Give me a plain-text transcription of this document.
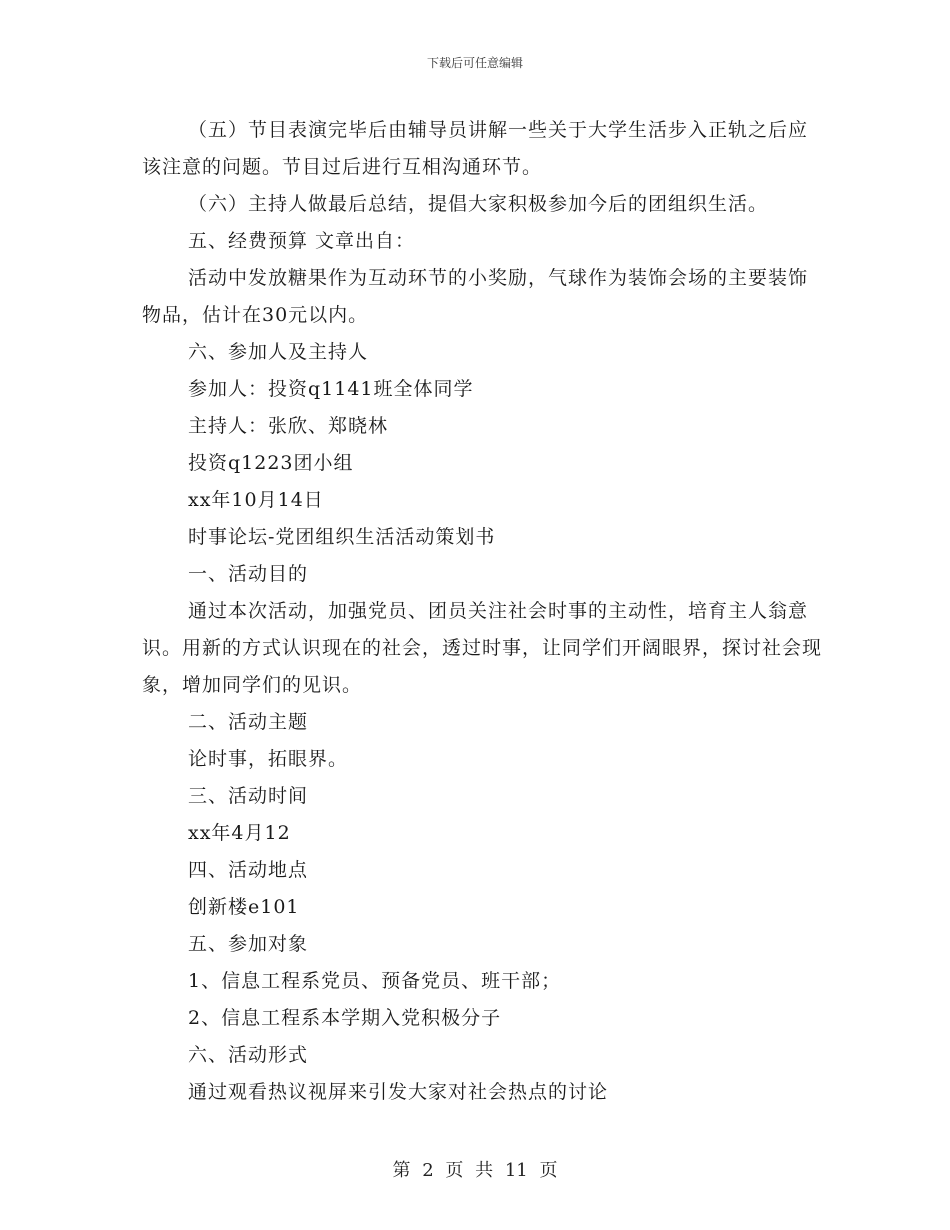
下载后可任意编辑

（五）节目表演完毕后由辅导员讲解一些关于大学生活步入正轨之后应该注意的问题。节目过后进行互相沟通环节。

（六）主持人做最后总结，提倡大家积极参加今后的团组织生活。

五、经费预算 文章出自：

活动中发放糖果作为互动环节的小奖励，气球作为装饰会场的主要装饰物品，估计在30元以内。

六、参加人及主持人

参加人：投资q1141班全体同学

主持人：张欣、郑晓林

投资q1223团小组

xx年10月14日

时事论坛-党团组织生活活动策划书

一、活动目的

通过本次活动，加强党员、团员关注社会时事的主动性，培育主人翁意识。用新的方式认识现在的社会，透过时事，让同学们开阔眼界，探讨社会现象，增加同学们的见识。

二、活动主题

论时事，拓眼界。

三、活动时间

xx年4月12

四、活动地点

创新楼e101

五、参加对象

1、信息工程系党员、预备党员、班干部；

2、信息工程系本学期入党积极分子

六、活动形式

通过观看热议视屏来引发大家对社会热点的讨论

第 2 页 共 11 页
